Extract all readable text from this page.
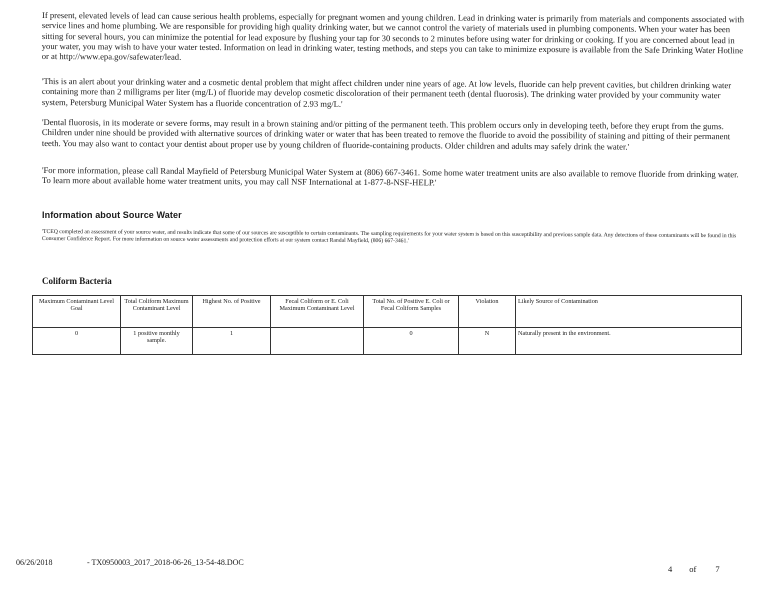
If present, elevated levels of lead can cause serious health problems, especially for pregnant women and young children. Lead in drinking water is primarily from materials and components associated with service lines and home plumbing. We are responsible for providing high quality drinking water, but we cannot control the variety of materials used in plumbing components. When your water has been sitting for several hours, you can minimize the potential for lead exposure by flushing your tap for 30 seconds to 2 minutes before using water for drinking or cooking. If you are concerned about lead in your water, you may wish to have your water tested. Information on lead in drinking water, testing methods, and steps you can take to minimize exposure is available from the Safe Drinking Water Hotline or at http://www.epa.gov/safewater/lead.
'This is an alert about your drinking water and a cosmetic dental problem that might affect children under nine years of age. At low levels, fluoride can help prevent cavities, but children drinking water containing more than 2 milligrams per liter (mg/L) of fluoride may develop cosmetic discoloration of their permanent teeth (dental fluorosis). The drinking water provided by your community water system, Petersburg Municipal Water System has a fluoride concentration of 2.93 mg/L.'
'Dental fluorosis, in its moderate or severe forms, may result in a brown staining and/or pitting of the permanent teeth. This problem occurs only in developing teeth, before they erupt from the gums. Children under nine should be provided with alternative sources of drinking water or water that has been treated to remove the fluoride to avoid the possibility of staining and pitting of their permanent teeth. You may also want to contact your dentist about proper use by young children of fluoride-containing products. Older children and adults may safely drink the water.'
'For more information, please call Randal Mayfield of Petersburg Municipal Water System at (806) 667-3461. Some home water treatment units are also available to remove fluoride from drinking water. To learn more about available home water treatment units, you may call NSF International at 1-877-8-NSF-HELP.'
Information about Source Water
'TCEQ completed an assessment of your source water, and results indicate that some of our sources are susceptible to certain contaminants. The sampling requirements for your water system is based on this susceptibility and previous sample data. Any detections of these contaminants will be found in this Consumer Confidence Report. For more information on source water assessments and protection efforts at our system contact Randal Mayfield, (806) 667-3461.'
Coliform Bacteria
Maximum Contaminant Level Goal	Total Coliform Maximum Contaminant Level	Highest No. of Positive	Fecal Coliform or E. Coli Maximum Contaminant Level	Total No. of Positive E. Coli or Fecal Coliform Samples	Violation	Likely Source of Contamination
0	1 positive monthly sample.	1		0	N	Naturally present in the environment.
06/26/2018	- TX0950003_2017_2018-06-26_13-54-48.DOC
4 of 7
